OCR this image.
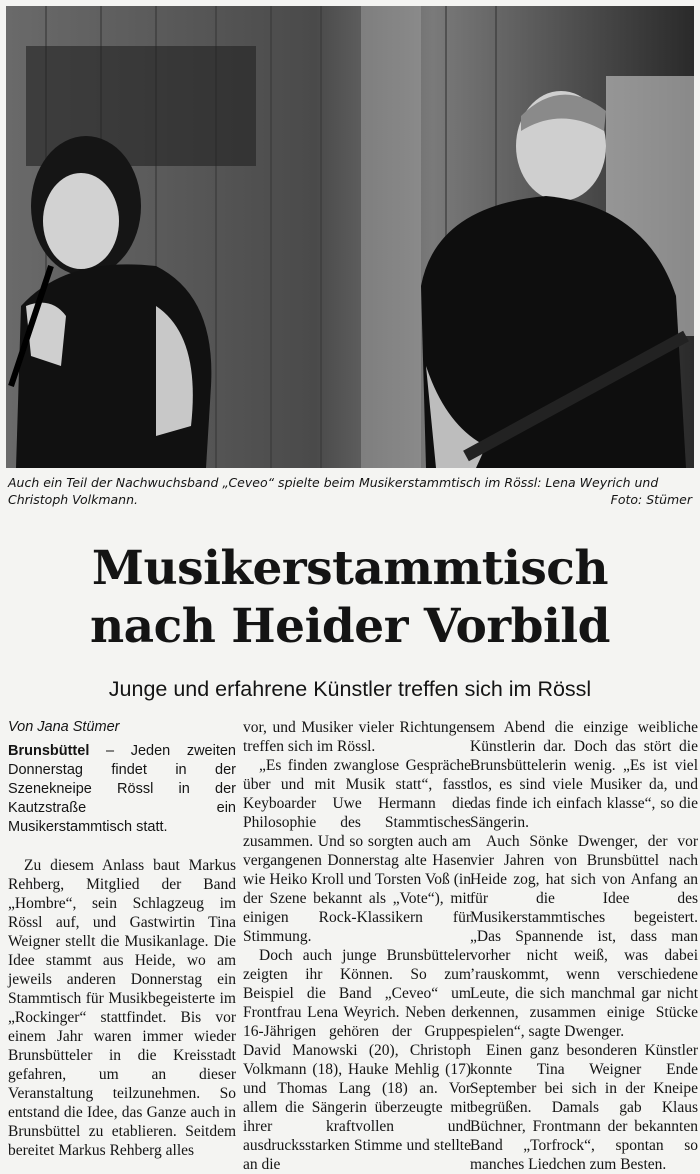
Auch ein Teil der Nachwuchsband „Ceveo“ spielte beim Musikerstammtisch im Rössl: Lena Weyrich und Christoph Volkmann.	Foto: Stümer
Musikerstammtisch
nach Heider Vorbild
Junge und erfahrene Künstler treffen sich im Rössl

Von Jana Stümer

Brunsbüttel – Jeden zweiten Donnerstag findet in der Szenekneipe Rössl in der Kautzstraße ein Musikerstammtisch statt.

Zu diesem Anlass baut Markus Rehberg, Mitglied der Band „Hombre“, sein Schlagzeug im Rössl auf, und Gastwirtin Tina Weigner stellt die Musikanlage. Die Idee stammt aus Heide, wo am jeweils anderen Donnerstag ein Stammtisch für Musikbegeisterte im „Rockinger“ stattfindet. Bis vor einem Jahr waren immer wieder Brunsbütteler in die Kreisstadt gefahren, um an dieser Veranstaltung teilzunehmen. So entstand die Idee, das Ganze auch in Brunsbüttel zu etablieren. Seitdem bereitet Markus Rehberg alles

vor, und Musiker vieler Richtungen treffen sich im Rössl.

„Es finden zwanglose Gespräche über und mit Musik statt“, fasst Keyboarder Uwe Hermann die Philosophie des Stammtisches zusammen. Und so sorgten auch am vergangenen Donnerstag alte Hasen wie Heiko Kroll und Torsten Voß (in der Szene bekannt als „Vote“), mit einigen Rock-Klassikern für Stimmung.

Doch auch junge Brunsbütteler zeigten ihr Können. So zum Beispiel die Band „Ceveo“ um Frontfrau Lena Weyrich. Neben der 16-Jährigen gehören der Gruppe David Manowski (20), Christoph Volkmann (18), Hauke Mehlig (17) und Thomas Lang (18) an. Vor allem die Sängerin überzeugte mit ihrer kraftvollen und ausdrucksstarken Stimme und stellte an die

sem Abend die einzige weibliche Künstlerin dar. Doch das stört die Brunsbüttelerin wenig. „Es ist viel los, es sind viele Musiker da, und das finde ich einfach klasse“, so die Sängerin.

Auch Sönke Dwenger, der vor vier Jahren von Brunsbüttel nach Heide zog, hat sich von Anfang an für die Idee des Musikerstammtisches begeistert. „Das Spannende ist, dass man vorher nicht weiß, was dabei ’rauskommt, wenn verschiedene Leute, die sich manchmal gar nicht kennen, zusammen einige Stücke spielen“, sagte Dwenger.

Einen ganz besonderen Künstler konnte Tina Weigner Ende September bei sich in der Kneipe begrüßen. Damals gab Klaus Büchner, Frontmann der bekannten Band „Torfrock“, spontan so manches Liedchen zum Besten.
